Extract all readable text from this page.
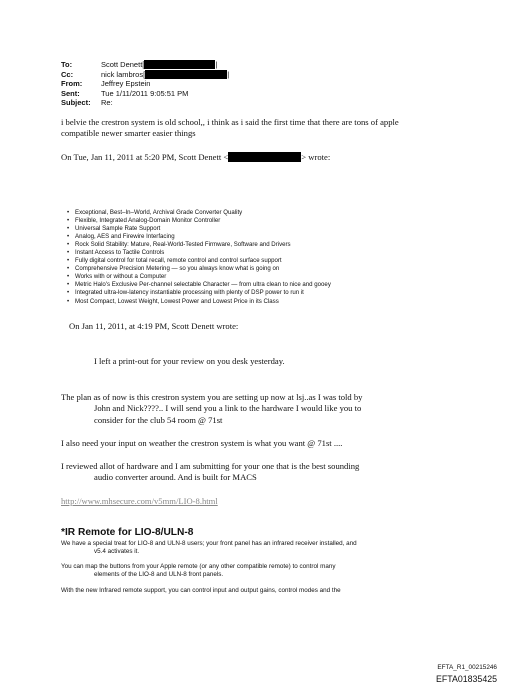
To:	Scott Denett[ |
Cc:	nick lambros[ |
From:	Jeffrey Epstein
Sent:	Tue 1/11/2011 9:05:51 PM
Subject:	Re:
i belvie the crestron system is old school,, i think as i said the first time that there are tons of apple
compatible newer smarter easier things
On Tue, Jan 11, 2011 at 5:20 PM, Scott Denett <	> wrote:
• Exceptional, Best–In–World, Archival Grade Converter Quality
• Flexible, Integrated Analog-Domain Monitor Controller
• Universal Sample Rate Support
• Analog, AES and Firewire Interfacing
• Rock Solid Stability: Mature, Real-World-Tested Firmware, Software and Drivers
• Instant Access to Tactile Controls
• Fully digital control for total recall, remote control and control surface support
• Comprehensive Precision Metering — so you always know what is going on
• Works with or without a Computer
• Metric Halo's Exclusive Per-channel selectable Character — from ultra clean to nice and gooey
• Integrated ultra-low-latency instantiable processing with plenty of DSP power to run it
• Most Compact, Lowest Weight, Lowest Power and Lowest Price in its Class
On Jan 11, 2011, at 4:19 PM, Scott Denett wrote:
I left a print-out for your review on you desk yesterday.
The plan as of now is this crestron system you are setting up now at lsj..as I was told by
John and Nick????.. I will send you a link to the hardware I would like you to
consider for the club 54 room @ 71st
I also need your input on weather the crestron system is what you want @ 71st ....
I reviewed allot of hardware and I am submitting for your one that is the best sounding
audio converter around. And is built for MACS
http://www.mhsecure.com/v5mm/LIO-8.html
*IR Remote for LIO-8/ULN-8
We have a special treat for LIO-8 and ULN-8 users; your front panel has an infrared receiver installed, and
v5.4 activates it.
You can map the buttons from your Apple remote (or any other compatible remote) to control many
elements of the LIO-8 and ULN-8 front panels.
With the new Infrared remote support, you can control input and output gains, control modes and the
EFTA_R1_00215246
EFTA01835425
